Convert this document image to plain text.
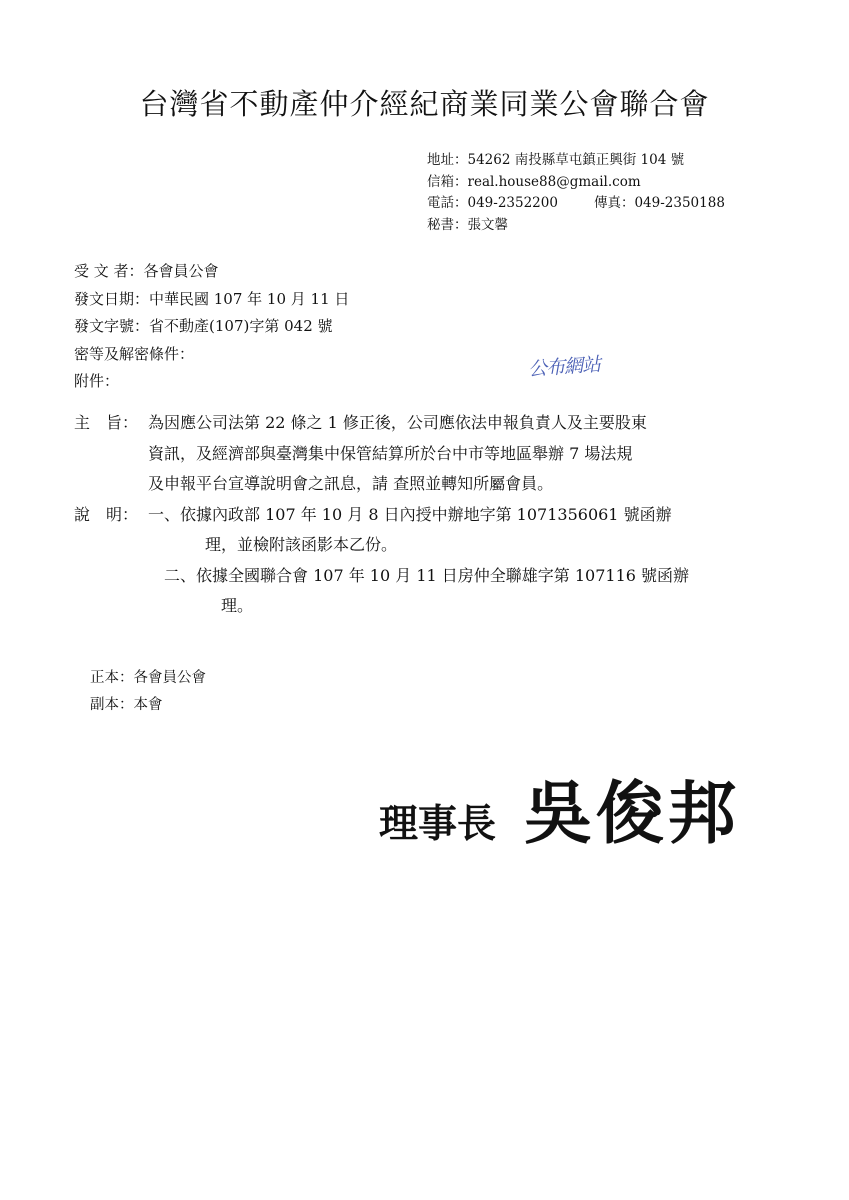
台灣省不動產仲介經紀商業同業公會聯合會
地址：54262 南投縣草屯鎮正興街 104 號
信箱：real.house88@gmail.com
電話：049-2352200	傳真：049-2350188
秘書：張文馨
受 文 者：各會員公會
發文日期：中華民國 107 年 10 月 11 日
發文字號：省不動產(107)字第 042 號
密等及解密條件：
附件：
公布網站
主　旨： 為因應公司法第 22 條之 1 修正後，公司應依法申報負責人及主要股東
資訊，及經濟部與臺灣集中保管結算所於台中市等地區舉辦 7 場法規
及申報平台宣導說明會之訊息，請 查照並轉知所屬會員。
說　明： 一、依據內政部 107 年 10 月 8 日內授中辦地字第 1071356061 號函辦
理，並檢附該函影本乙份。
二、依據全國聯合會 107 年 10 月 11 日房仲全聯雄字第 107116 號函辦
理。
正本：各會員公會
副本：本會
理事長 吳俊邦
